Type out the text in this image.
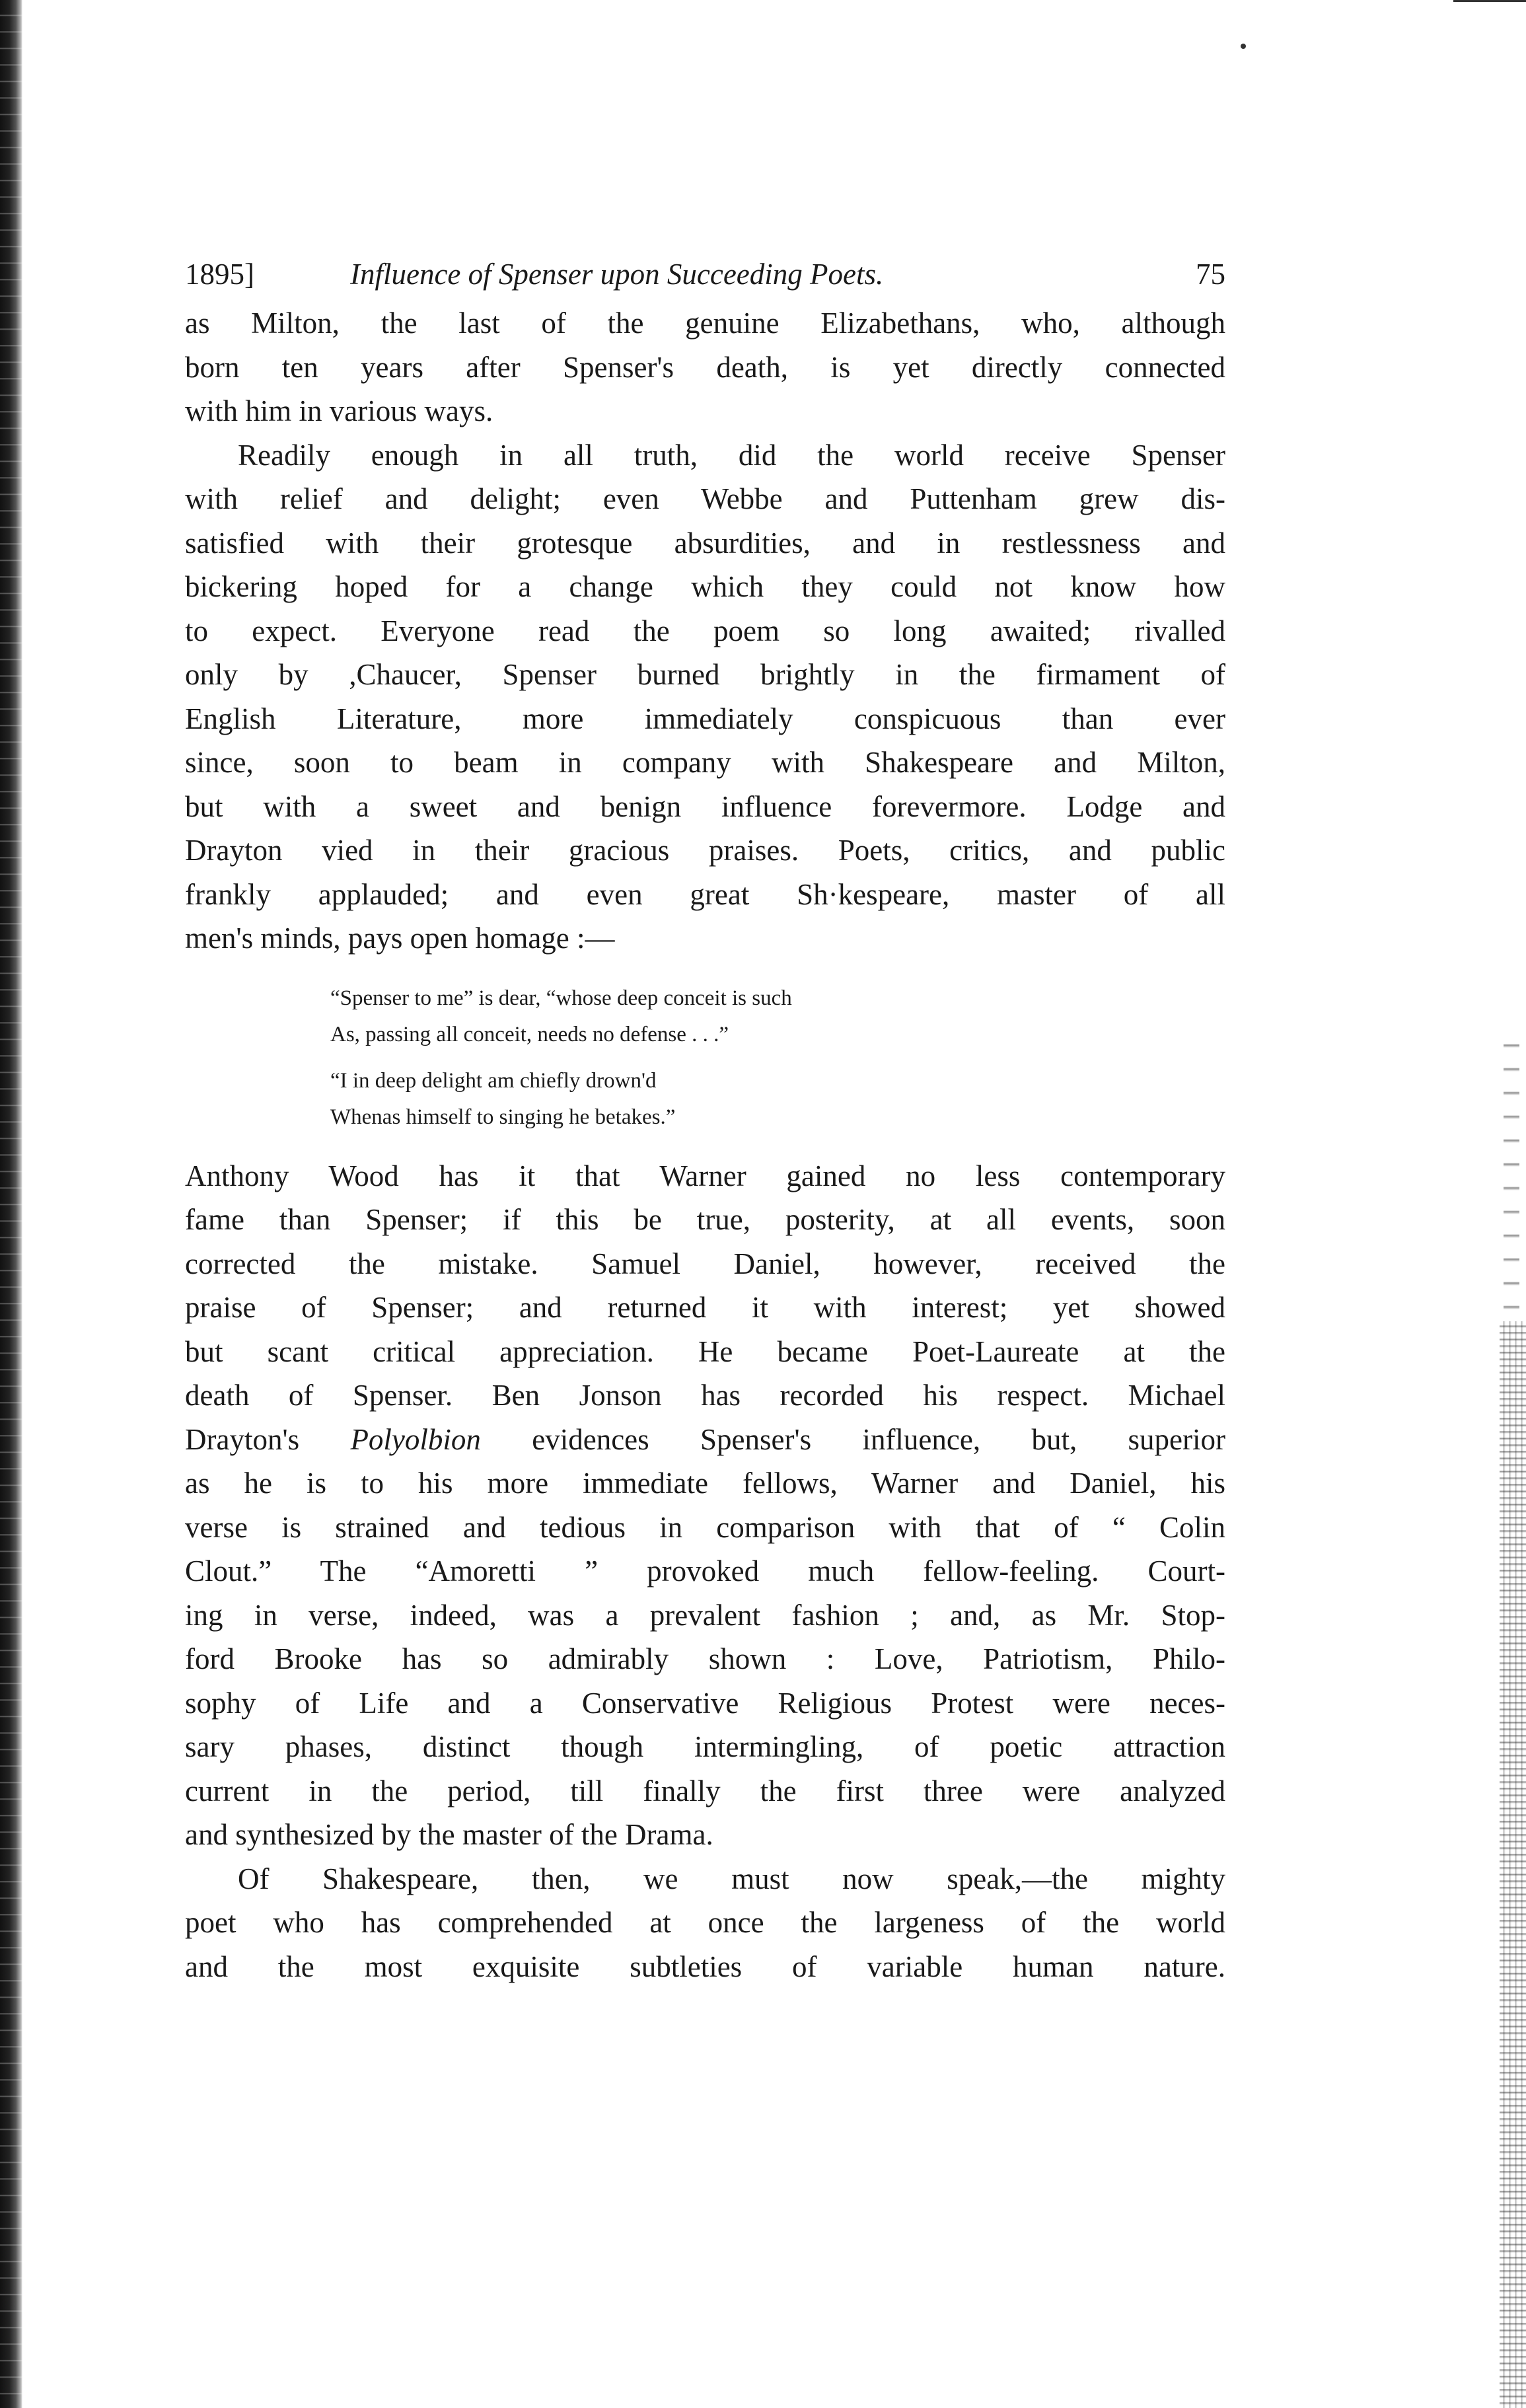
1895]	Influence of Spenser upon Succeeding Poets.	75
as Milton, the last of the genuine Elizabethans, who, although
born ten years after Spenser's death, is yet directly connected
with him in various ways.
Readily enough in all truth, did the world receive Spenser
with relief and delight; even Webbe and Puttenham grew dis-
satisfied with their grotesque absurdities, and in restlessness and
bickering hoped for a change which they could not know how
to expect. Everyone read the poem so long awaited; rivalled
only by ,Chaucer, Spenser burned brightly in the firmament of
English Literature, more immediately conspicuous than ever
since, soon to beam in company with Shakespeare and Milton,
but with a sweet and benign influence forevermore. Lodge and
Drayton vied in their gracious praises. Poets, critics, and public
frankly applauded; and even great Sh·kespeare, master of all
men's minds, pays open homage :—
“Spenser to me” is dear, “whose deep conceit is such
As, passing all conceit, needs no defense . . .”
“I in deep delight am chiefly drown'd
Whenas himself to singing he betakes.”
Anthony Wood has it that Warner gained no less contemporary
fame than Spenser; if this be true, posterity, at all events, soon
corrected the mistake. Samuel Daniel, however, received the
praise of Spenser; and returned it with interest; yet showed
but scant critical appreciation. He became Poet-Laureate at the
death of Spenser. Ben Jonson has recorded his respect. Michael
Drayton's Polyolbion evidences Spenser's influence, but, superior
as he is to his more immediate fellows, Warner and Daniel, his
verse is strained and tedious in comparison with that of “ Colin
Clout.” The “Amoretti ” provoked much fellow-feeling. Court-
ing in verse, indeed, was a prevalent fashion ; and, as Mr. Stop-
ford Brooke has so admirably shown : Love, Patriotism, Philo-
sophy of Life and a Conservative Religious Protest were neces-
sary phases, distinct though intermingling, of poetic attraction
current in the period, till finally the first three were analyzed
and synthesized by the master of the Drama.
Of Shakespeare, then, we must now speak,—the mighty
poet who has comprehended at once the largeness of the world
and the most exquisite subtleties of variable human nature.
